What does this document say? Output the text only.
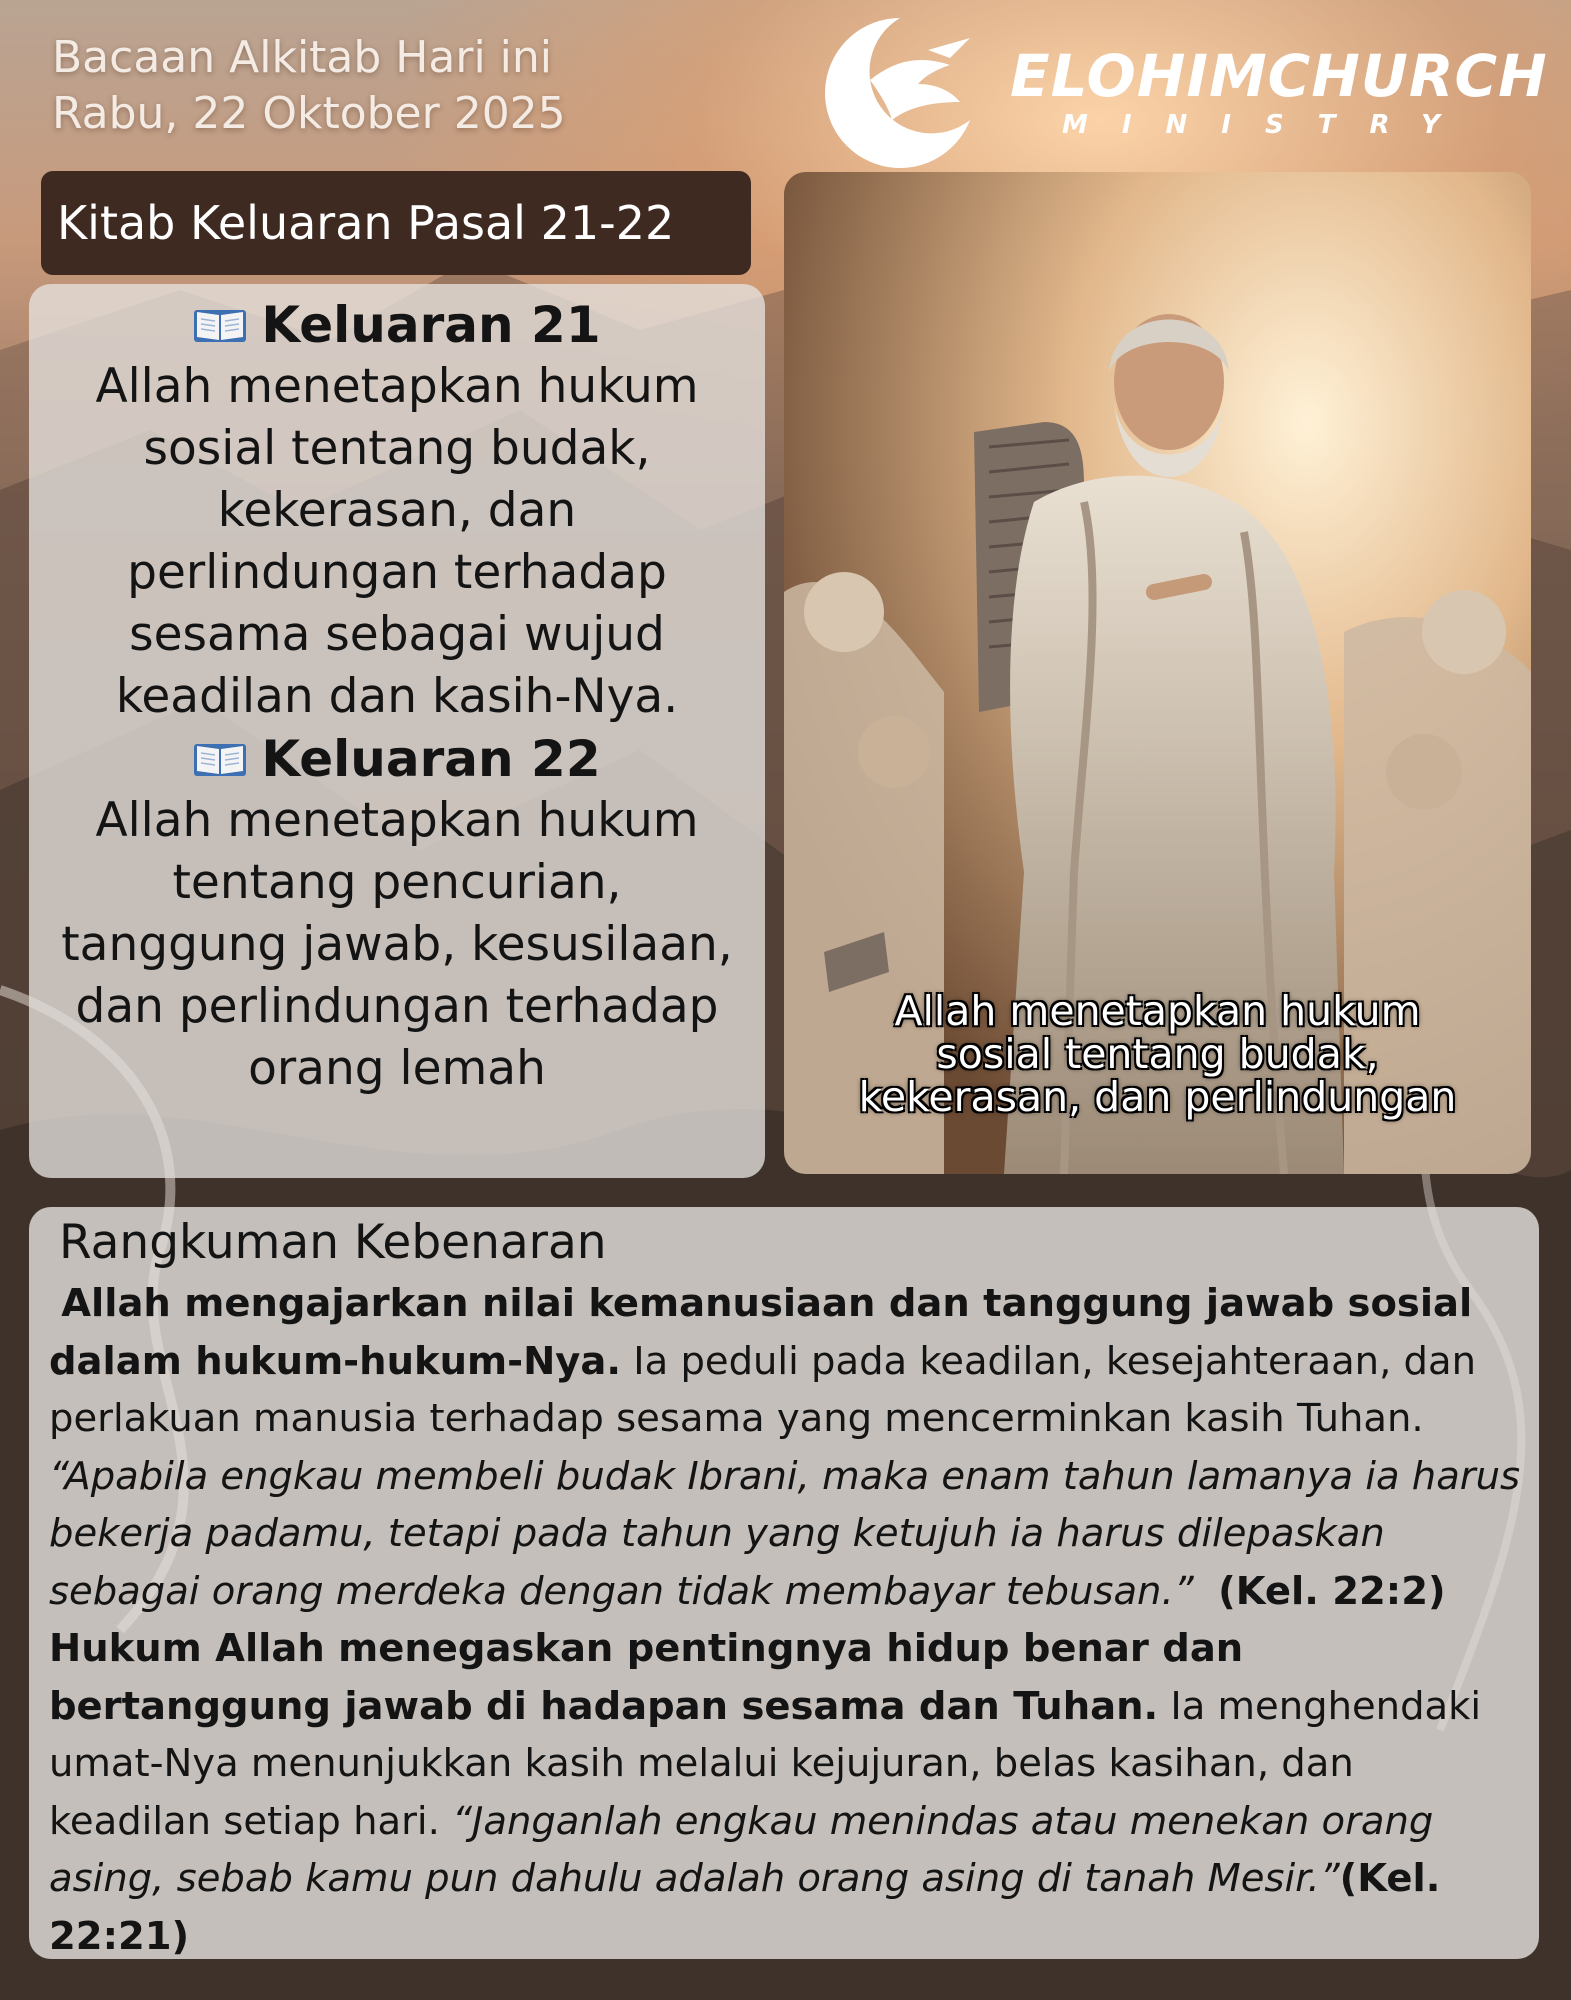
Bacaan Alkitab Hari ini
Rabu, 22 Oktober 2025
ELOHIMCHURCH
MINISTRY
Kitab Keluaran Pasal 21-22
Keluaran 21
Allah menetapkan hukum sosial tentang budak, kekerasan, dan perlindungan terhadap sesama sebagai wujud keadilan dan kasih-Nya.
Keluaran 22
Allah menetapkan hukum tentang pencurian, tanggung jawab, kesusilaan, dan perlindungan terhadap orang lemah
Allah menetapkan hukum
sosial tentang budak,
kekerasan, dan perlindungan
Rangkuman Kebenaran

Allah mengajarkan nilai kemanusiaan dan tanggung jawab sosial dalam hukum-hukum-Nya. Ia peduli pada keadilan, kesejahteraan, dan perlakuan manusia terhadap sesama yang mencerminkan kasih Tuhan. “Apabila engkau membeli budak Ibrani, maka enam tahun lamanya ia harus bekerja padamu, tetapi pada tahun yang ketujuh ia harus dilepaskan sebagai orang merdeka dengan tidak membayar tebusan.” (Kel. 22:2)

Hukum Allah menegaskan pentingnya hidup benar dan bertanggung jawab di hadapan sesama dan Tuhan. Ia menghendaki umat-Nya menunjukkan kasih melalui kejujuran, belas kasihan, dan keadilan setiap hari. “Janganlah engkau menindas atau menekan orang asing, sebab kamu pun dahulu adalah orang asing di tanah Mesir.”(Kel. 22:21)
